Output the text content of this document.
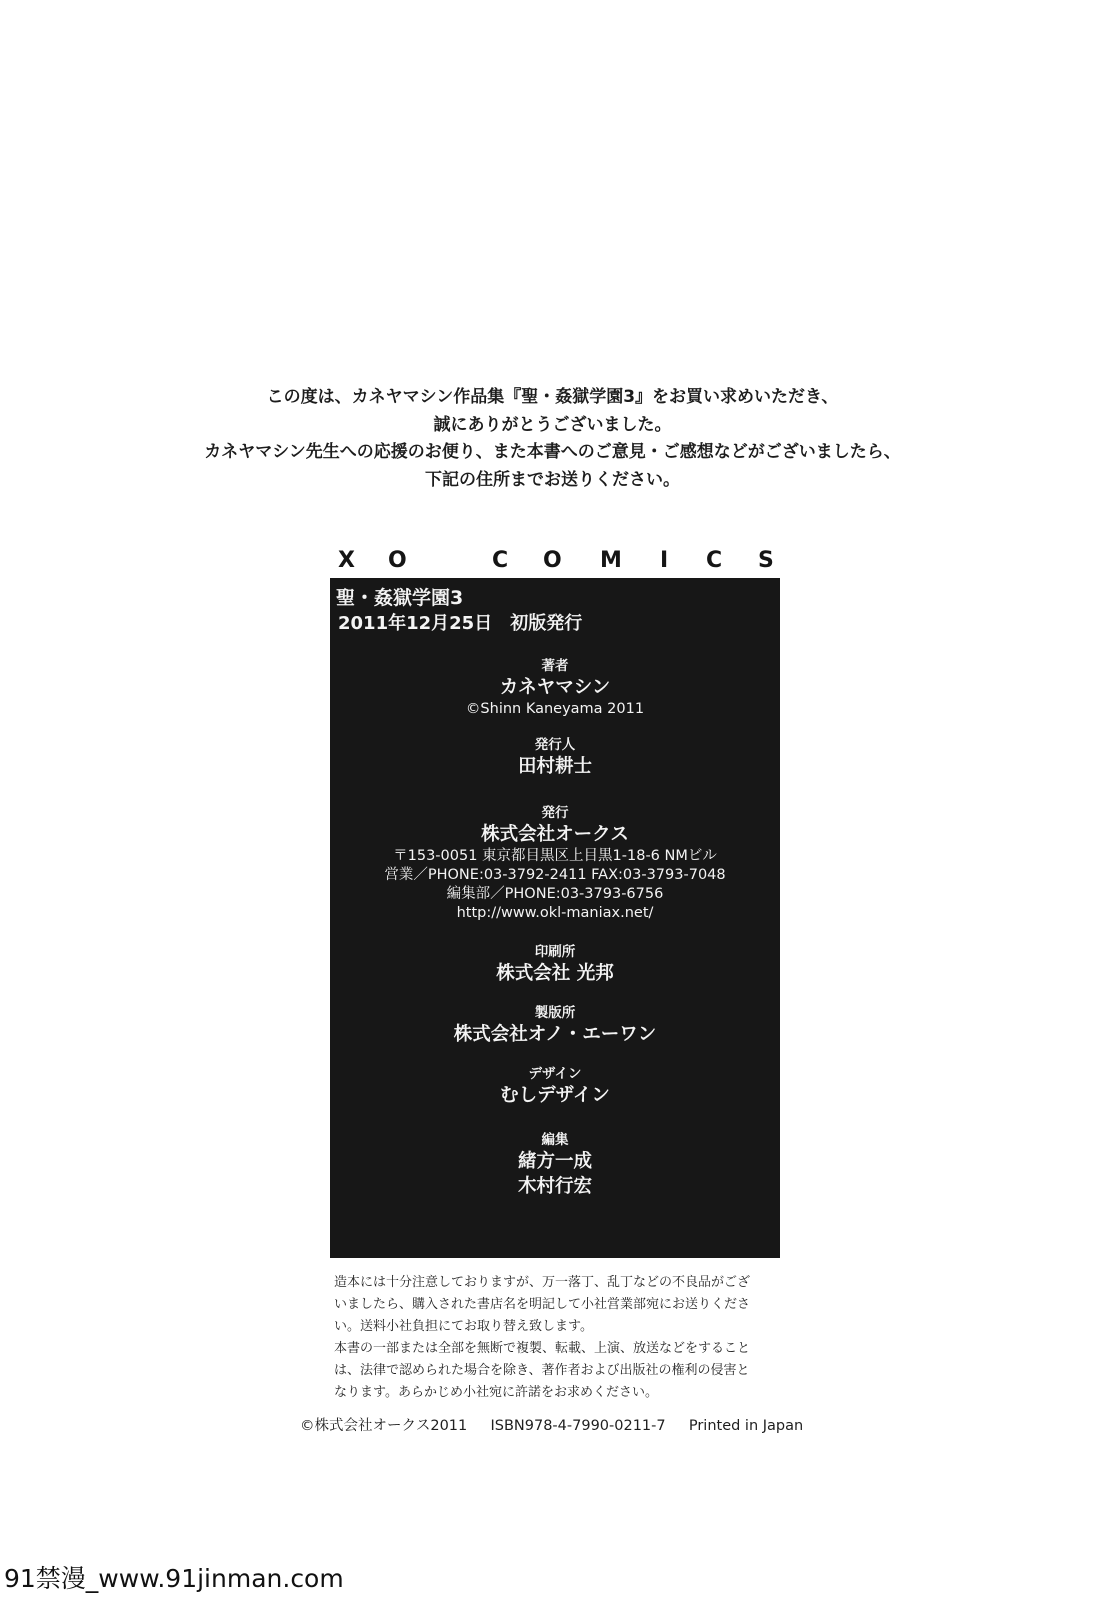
この度は、カネヤマシン作品集『聖・姦獄学園3』をお買い求めいただき、
誠にありがとうございました。
カネヤマシン先生への応援のお便り、また本書へのご意見・ご感想などがございましたら、
下記の住所までお送りください。
X O	C O M I C S
聖・姦獄学園3
2011年12月25日 初版発行
著者
カネヤマシン
©Shinn Kaneyama 2011
発行人
田村耕士
発行
株式会社オークス
〒153-0051 東京都目黒区上目黒1-18-6 NMビル
営業／PHONE:03-3792-2411 FAX:03-3793-7048
編集部／PHONE:03-3793-6756
http://www.okl-maniax.net/
印刷所
株式会社 光邦
製版所
株式会社オノ・エーワン
デザイン
むしデザイン
編集
緒方一成
木村行宏
造本には十分注意しておりますが、万一落丁、乱丁などの不良品がござ
いましたら、購入された書店名を明記して小社営業部宛にお送りくださ
い。送料小社負担にてお取り替え致します。
本書の一部または全部を無断で複製、転載、上演、放送などをすること
は、法律で認められた場合を除き、著作者および出版社の権利の侵害と
なります。あらかじめ小社宛に許諾をお求めください。
©株式会社オークス2011 ISBN978-4-7990-0211-7 Printed in Japan
91禁漫_www.91jinman.com
